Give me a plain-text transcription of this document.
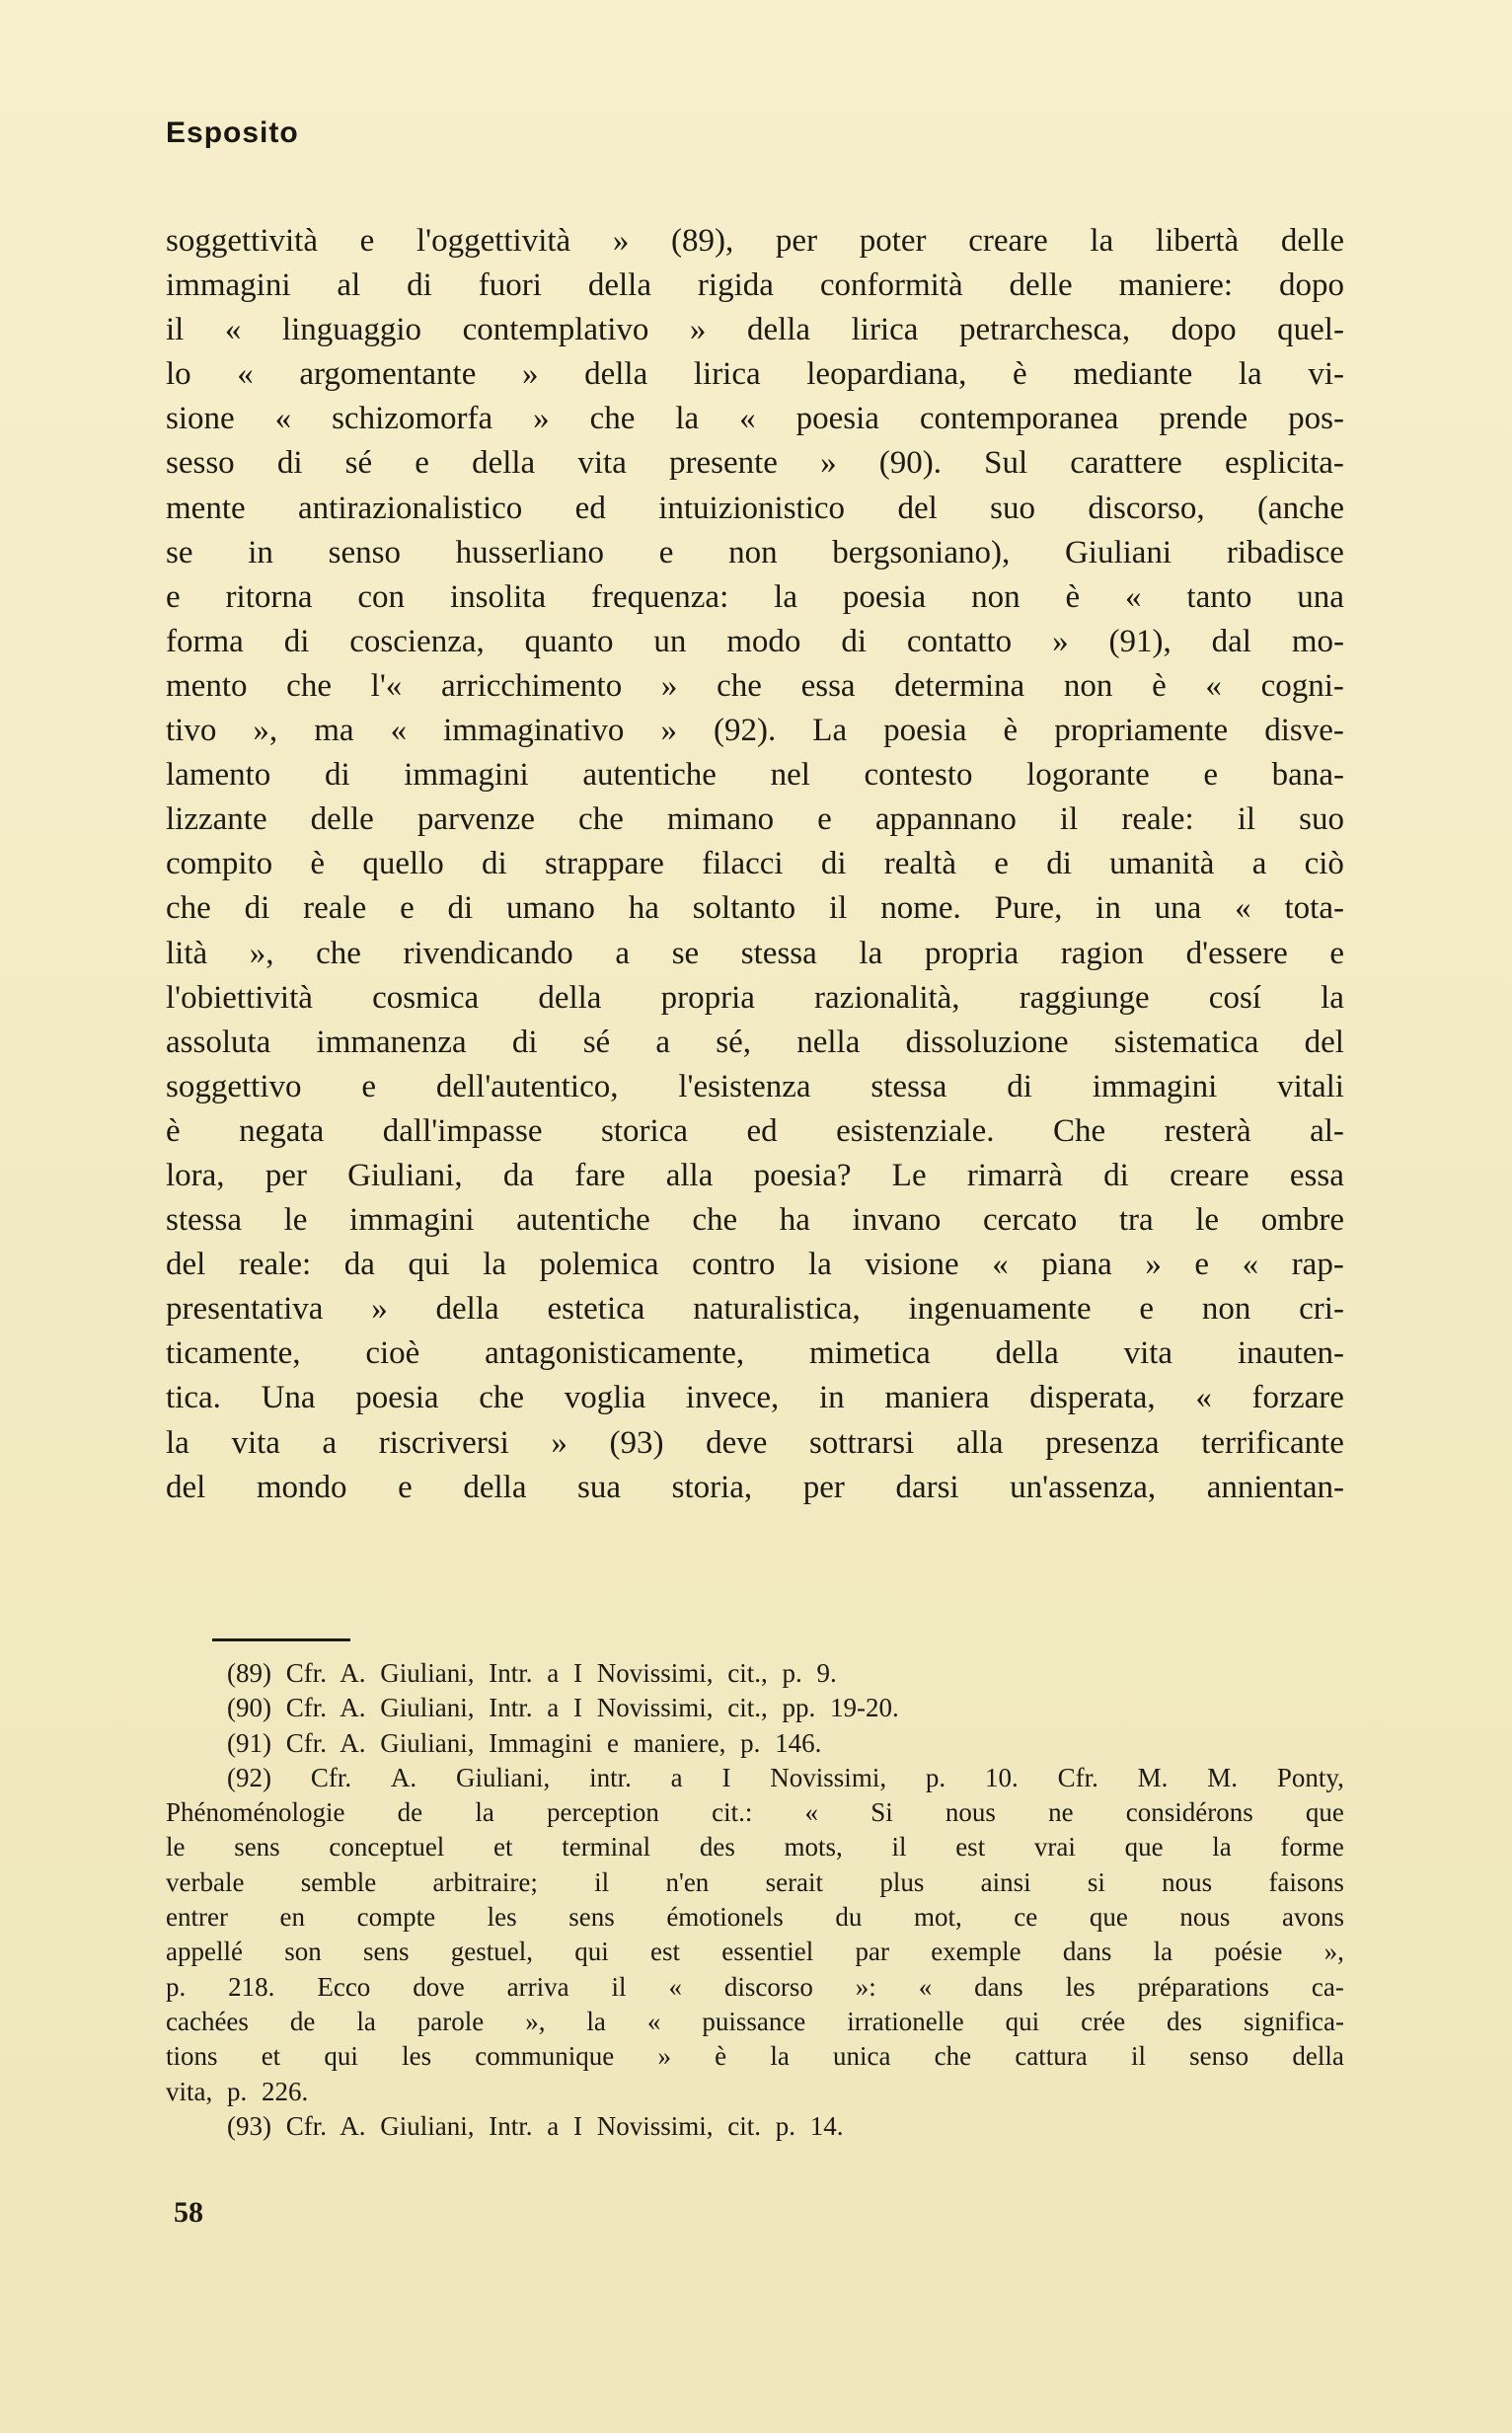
Esposito
soggettività e l'oggettività » (89), per poter creare la libertà delle
immagini al di fuori della rigida conformità delle maniere: dopo
il « linguaggio contemplativo » della lirica petrarchesca, dopo quel-
lo « argomentante » della lirica leopardiana, è mediante la vi-
sione « schizomorfa » che la « poesia contemporanea prende pos-
sesso di sé e della vita presente » (90). Sul carattere esplicita-
mente antirazionalistico ed intuizionistico del suo discorso, (anche
se in senso husserliano e non bergsoniano), Giuliani ribadisce
e ritorna con insolita frequenza: la poesia non è « tanto una
forma di coscienza, quanto un modo di contatto » (91), dal mo-
mento che l'« arricchimento » che essa determina non è « cogni-
tivo », ma « immaginativo » (92). La poesia è propriamente disve-
lamento di immagini autentiche nel contesto logorante e bana-
lizzante delle parvenze che mimano e appannano il reale: il suo
compito è quello di strappare filacci di realtà e di umanità a ciò
che di reale e di umano ha soltanto il nome. Pure, in una « tota-
lità », che rivendicando a se stessa la propria ragion d'essere e
l'obiettività cosmica della propria razionalità, raggiunge cosí la
assoluta immanenza di sé a sé, nella dissoluzione sistematica del
soggettivo e dell'autentico, l'esistenza stessa di immagini vitali
è negata dall'impasse storica ed esistenziale. Che resterà al-
lora, per Giuliani, da fare alla poesia? Le rimarrà di creare essa
stessa le immagini autentiche che ha invano cercato tra le ombre
del reale: da qui la polemica contro la visione « piana » e « rap-
presentativa » della estetica naturalistica, ingenuamente e non cri-
ticamente, cioè antagonisticamente, mimetica della vita inauten-
tica. Una poesia che voglia invece, in maniera disperata, « forzare
la vita a riscriversi » (93) deve sottrarsi alla presenza terrificante
del mondo e della sua storia, per darsi un'assenza, annientan-
(89) Cfr. A. Giuliani, Intr. a I Novissimi, cit., p. 9.
(90) Cfr. A. Giuliani, Intr. a I Novissimi, cit., pp. 19-20.
(91) Cfr. A. Giuliani, Immagini e maniere, p. 146.
(92) Cfr. A. Giuliani, intr. a I Novissimi, p. 10. Cfr. M. M. Ponty,
Phénoménologie de la perception cit.: « Si nous ne considérons que
le sens conceptuel et terminal des mots, il est vrai que la forme
verbale semble arbitraire; il n'en serait plus ainsi si nous faisons
entrer en compte les sens émotionels du mot, ce que nous avons
appellé son sens gestuel, qui est essentiel par exemple dans la poésie »,
p. 218. Ecco dove arriva il « discorso »: « dans les préparations ca-
cachées de la parole », la « puissance irrationelle qui crée des significa-
tions et qui les communique » è la unica che cattura il senso della
vita, p. 226.
(93) Cfr. A. Giuliani, Intr. a I Novissimi, cit. p. 14.
58
